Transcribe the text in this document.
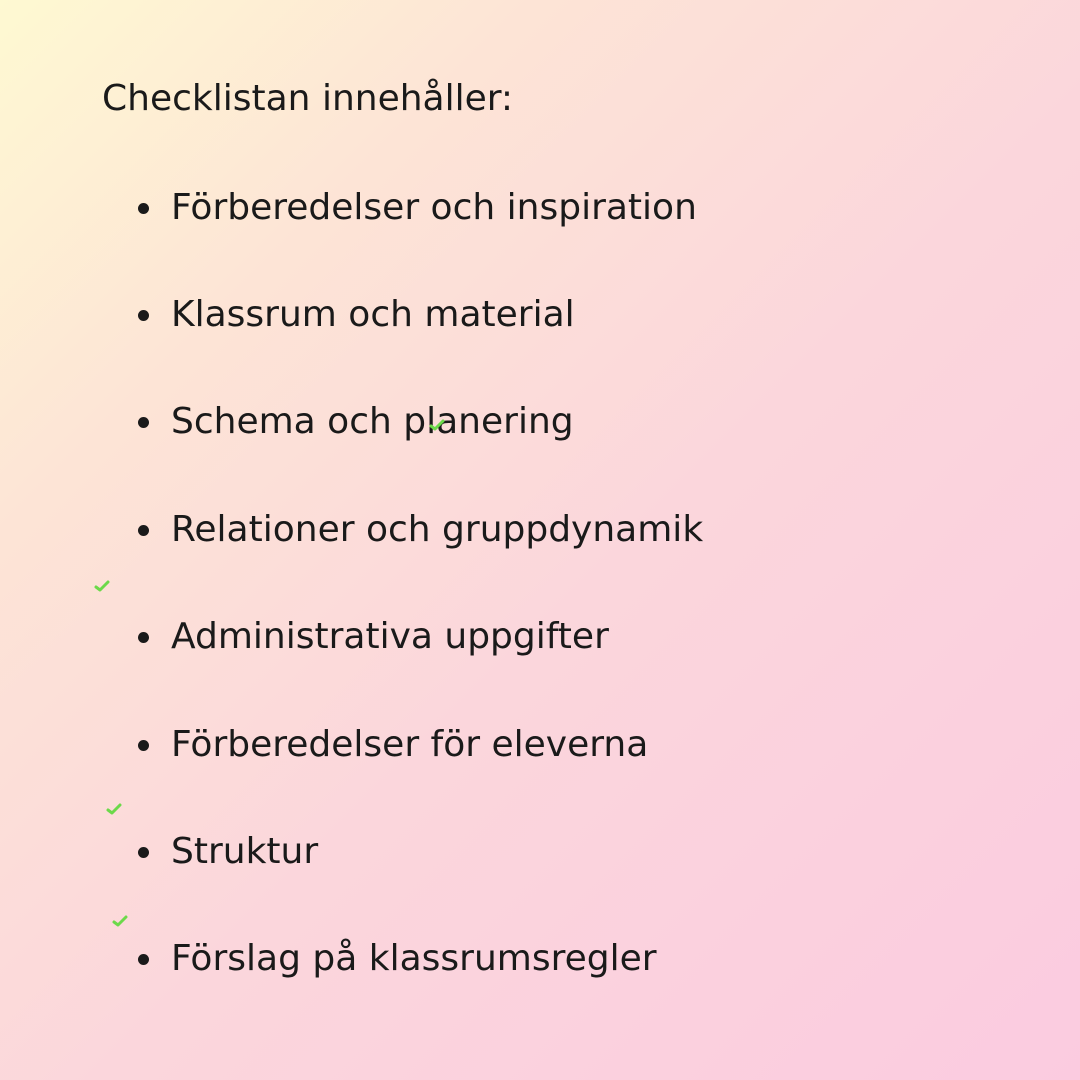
Checklistan innehåller:
Förberedelser och inspiration
Klassrum och material
Schema och planering
Relationer och gruppdynamik
Administrativa uppgifter
Förberedelser för eleverna
Struktur
Förslag på klassrumsregler
